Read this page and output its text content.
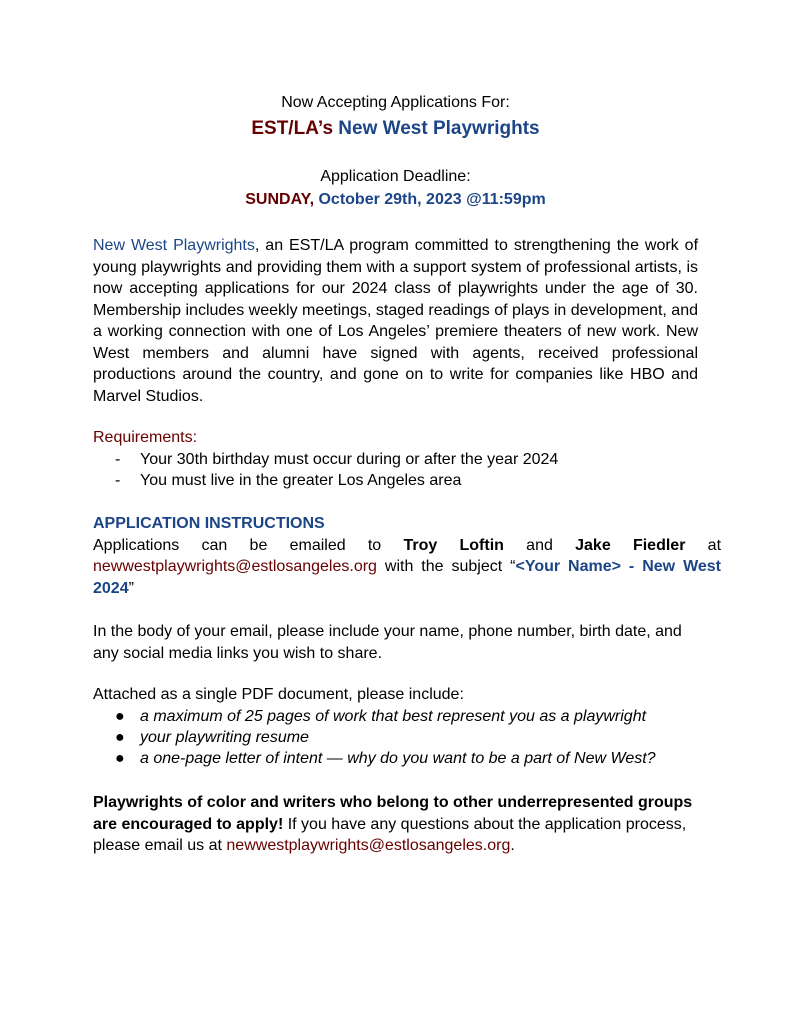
Now Accepting Applications For:
EST/LA’s New West Playwrights
Application Deadline:
SUNDAY, October 29th, 2023 @11:59pm
New West Playwrights, an EST/LA program committed to strengthening the work of young playwrights and providing them with a support system of professional artists, is now accepting applications for our 2024 class of playwrights under the age of 30. Membership includes weekly meetings, staged readings of plays in development, and a working connection with one of Los Angeles’ premiere theaters of new work. New West members and alumni have signed with agents, received professional productions around the country, and gone on to write for companies like HBO and Marvel Studios.
Requirements:
- Your 30th birthday must occur during or after the year 2024
- You must live in the greater Los Angeles area
APPLICATION INSTRUCTIONS
Applications can be emailed to Troy Loftin and Jake Fiedler at
newwestplaywrights@estlosangeles.org with the subject “<Your Name> - New West
2024”
In the body of your email, please include your name, phone number, birth date, and any social media links you wish to share.
Attached as a single PDF document, please include:
● a maximum of 25 pages of work that best represent you as a playwright
● your playwriting resume
● a one-page letter of intent — why do you want to be a part of New West?
Playwrights of color and writers who belong to other underrepresented groups are encouraged to apply! If you have any questions about the application process, please email us at newwestplaywrights@estlosangeles.org.
